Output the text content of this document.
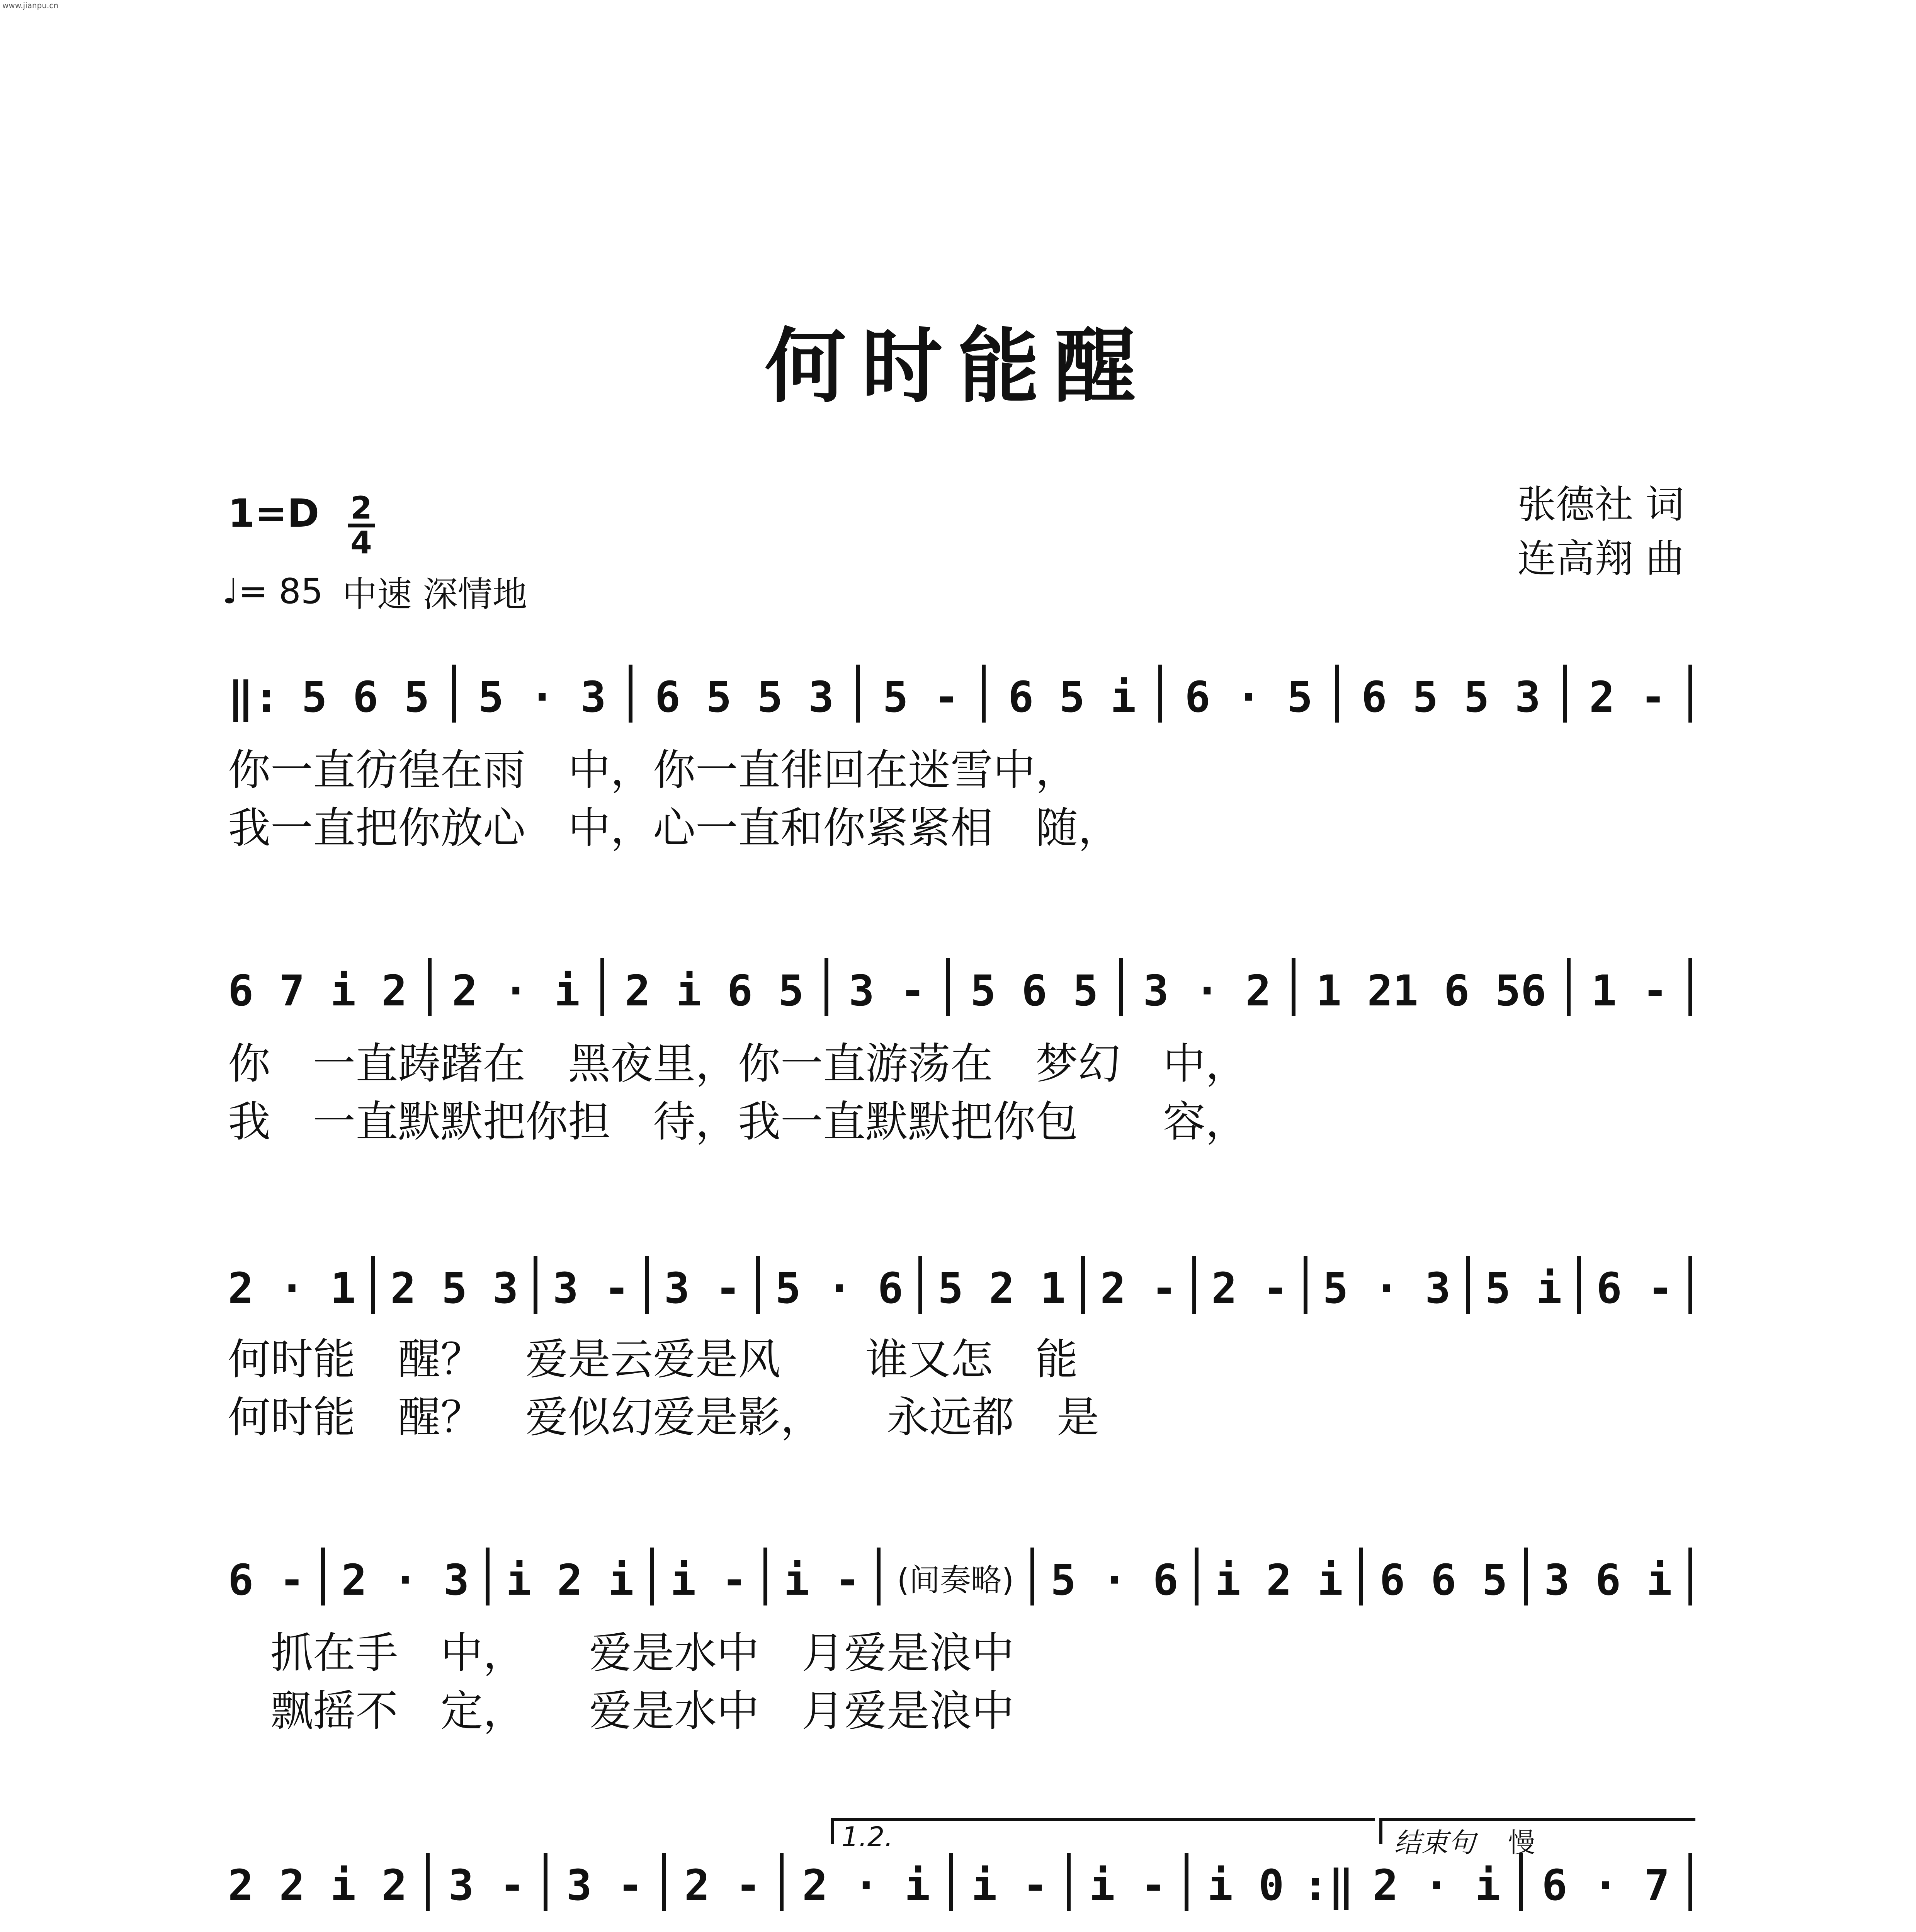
www.jianpu.cn
何时能醒
$1=D \frac{2}{4}$
♩= 85 中速 深情地
张德社 词
连高翔 曲
‖: 5 6 5 5 · 3 6 5 5 3 5 - 6 5 i 6 · 5 6 5 5 3 2 -
你一直彷徨在雨　中，你一直徘回在迷雪中，
我一直把你放心　中，心一直和你紧紧相　随，
6 7 i 2 2 · i 2 i 6 5 3 - 5 6 5 3 · 2 1 21 6 56 1 -
你　一直踌躇在　黑夜里，你一直游荡在　梦幻　中，
我　一直默默把你担　待，我一直默默把你包　　容，
2 · 1 2 5 3 3 - 3 - 5 · 6 5 2 1 2 - 2 - 5 · 3 5 i 6 -
何时能　醒？　爱是云爱是风　　谁又怎　能
何时能　醒？　爱似幻爱是影，　　永远都　是
6 - 2 · 3 i 2 i i - i - (间奏略) 5 · 6 i 2 i 6 6 5 3 6 i
　抓在手　中，　　爱是水中　月爱是浪中
　飘摇不　定，　　爱是水中　月爱是浪中
1.2.	结束句 慢
2 2 i 2 3 - 3 - 2 - 2 · i i - i - i 0 :‖ 2 · i 6 · 7
